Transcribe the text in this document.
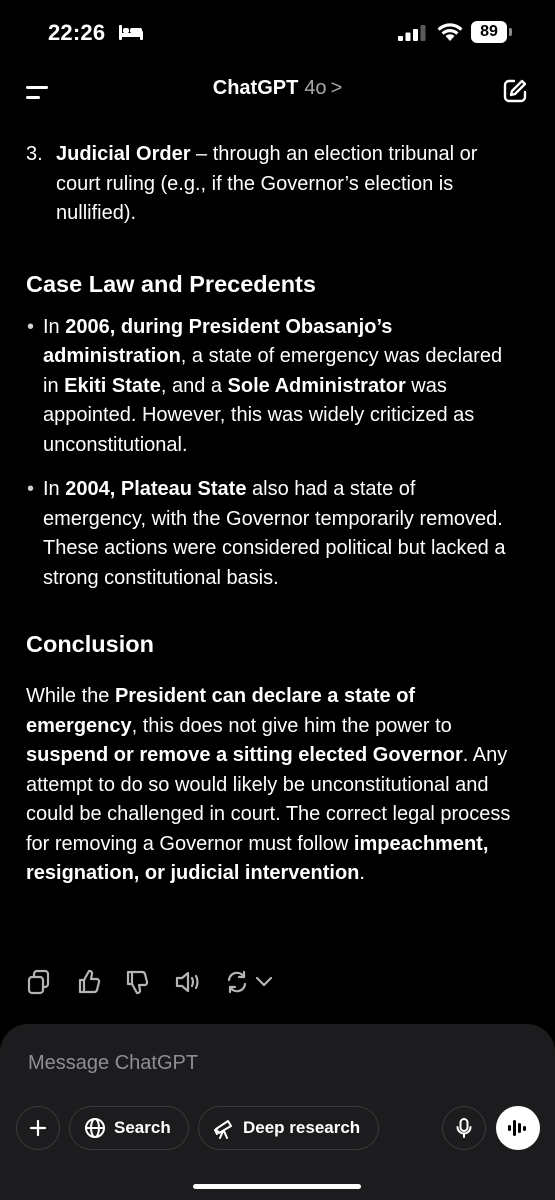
22:26	89
ChatGPT 4o >
3. Judicial Order – through an election tribunal or court ruling (e.g., if the Governor’s election is nullified).
Case Law and Precedents
• In 2006, during President Obasanjo’s administration, a state of emergency was declared in Ekiti State, and a Sole Administrator was appointed. However, this was widely criticized as unconstitutional.
• In 2004, Plateau State also had a state of emergency, with the Governor temporarily removed. These actions were considered political but lacked a strong constitutional basis.
Conclusion

While the President can declare a state of emergency, this does not give him the power to suspend or remove a sitting elected Governor. Any attempt to do so would likely be unconstitutional and could be challenged in court. The correct legal process for removing a Governor must follow impeachment, resignation, or judicial intervention.

Message ChatGPT
Search	Deep research
